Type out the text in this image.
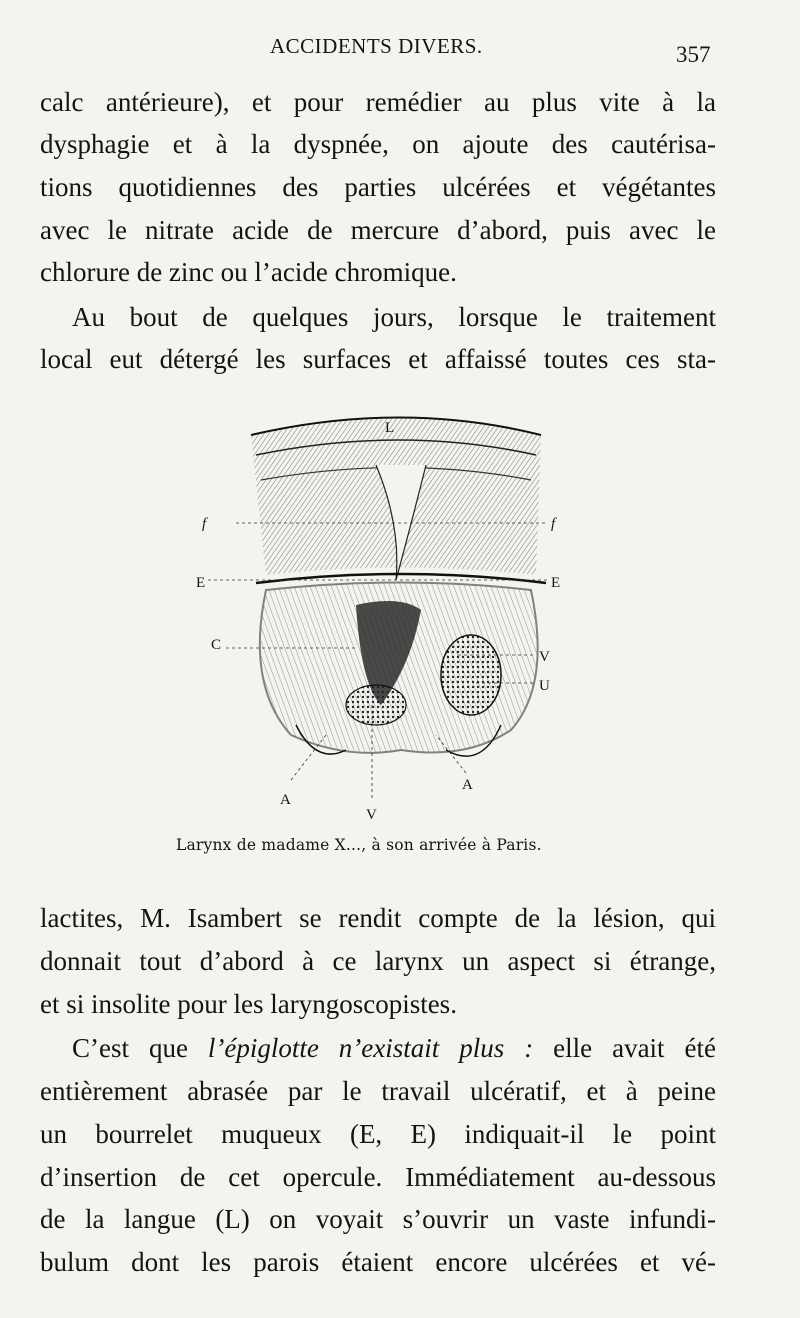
ACCIDENTS DIVERS.	357
calc antérieure), et pour remédier au plus vite à la
dysphagie et à la dyspnée, on ajoute des cautérisa-
tions quotidiennes des parties ulcérées et végétantes
avec le nitrate acide de mercure d’abord, puis avec le
chlorure de zinc ou l’acide chromique.
Au bout de quelques jours, lorsque le traitement
local eut détergé les surfaces et affaissé toutes ces sta-
L
f	f
E	E
C
V
U
A
A
V
Larynx de madame X..., à son arrivée à Paris.
lactites, M. Isambert se rendit compte de la lésion, qui
donnait tout d’abord à ce larynx un aspect si étrange,
et si insolite pour les laryngoscopistes.
C’est que l’épiglotte n’existait plus : elle avait été
entièrement abrasée par le travail ulcératif, et à peine
un bourrelet muqueux (E, E) indiquait-il le point
d’insertion de cet opercule. Immédiatement au-dessous
de la langue (L) on voyait s’ouvrir un vaste infundi-
bulum dont les parois étaient encore ulcérées et vé-
